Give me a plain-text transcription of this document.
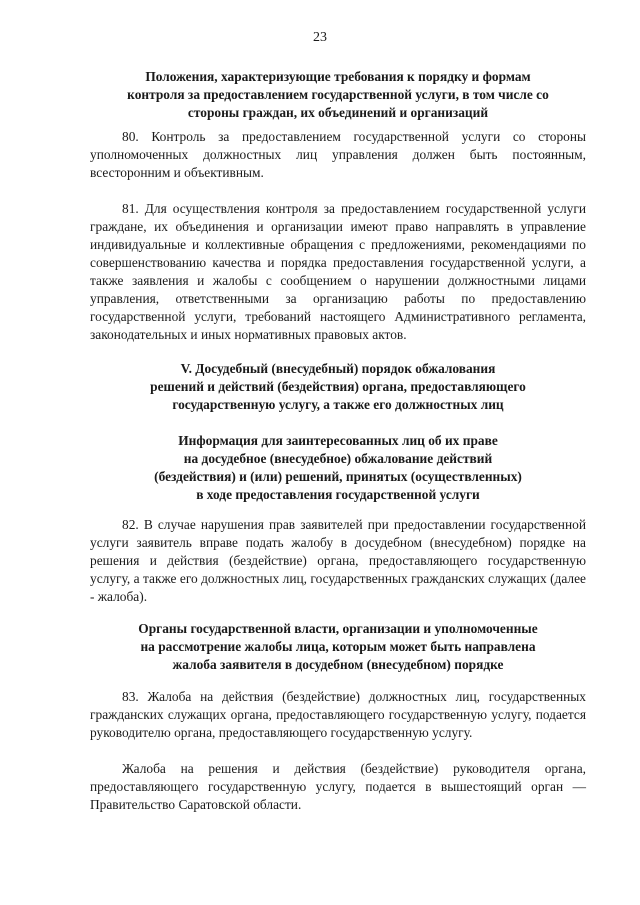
23
Положения, характеризующие требования к порядку и формам
контроля за предоставлением государственной услуги, в том числе со
стороны граждан, их объединений и организаций

80. Контроль за предоставлением государственной услуги со стороны уполномоченных должностных лиц управления должен быть постоянным, всесторонним и объективным.

81. Для осуществления контроля за предоставлением государственной услуги граждане, их объединения и организации имеют право направлять в управление индивидуальные и коллективные обращения с предложениями, рекомендациями по совершенствованию качества и порядка предоставления государственной услуги, а также заявления и жалобы с сообщением о нарушении должностными лицами управления, ответственными за организацию работы по предоставлению государственной услуги, требований настоящего Административного регламента, законодательных и иных нормативных правовых актов.

V. Досудебный (внесудебный) порядок обжалования
решений и действий (бездействия) органа, предоставляющего
государственную услугу, а также его должностных лиц
Информация для заинтересованных лиц об их праве
на досудебное (внесудебное) обжалование действий
(бездействия) и (или) решений, принятых (осуществленных)
в ходе предоставления государственной услуги

82. В случае нарушения прав заявителей при предоставлении государственной услуги заявитель вправе подать жалобу в досудебном (внесудебном) порядке на решения и действия (бездействие) органа, предоставляющего государственную услугу, а также его должностных лиц, государственных гражданских служащих (далее - жалоба).

Органы государственной власти, организации и уполномоченные
на рассмотрение жалобы лица, которым может быть направлена
жалоба заявителя в досудебном (внесудебном) порядке

83. Жалоба на действия (бездействие) должностных лиц, государственных гражданских служащих органа, предоставляющего государственную услугу, подается руководителю органа, предоставляющего государственную услугу.

Жалоба на решения и действия (бездействие) руководителя органа, предоставляющего государственную услугу, подается в вышестоящий орган — Правительство Саратовской области.
